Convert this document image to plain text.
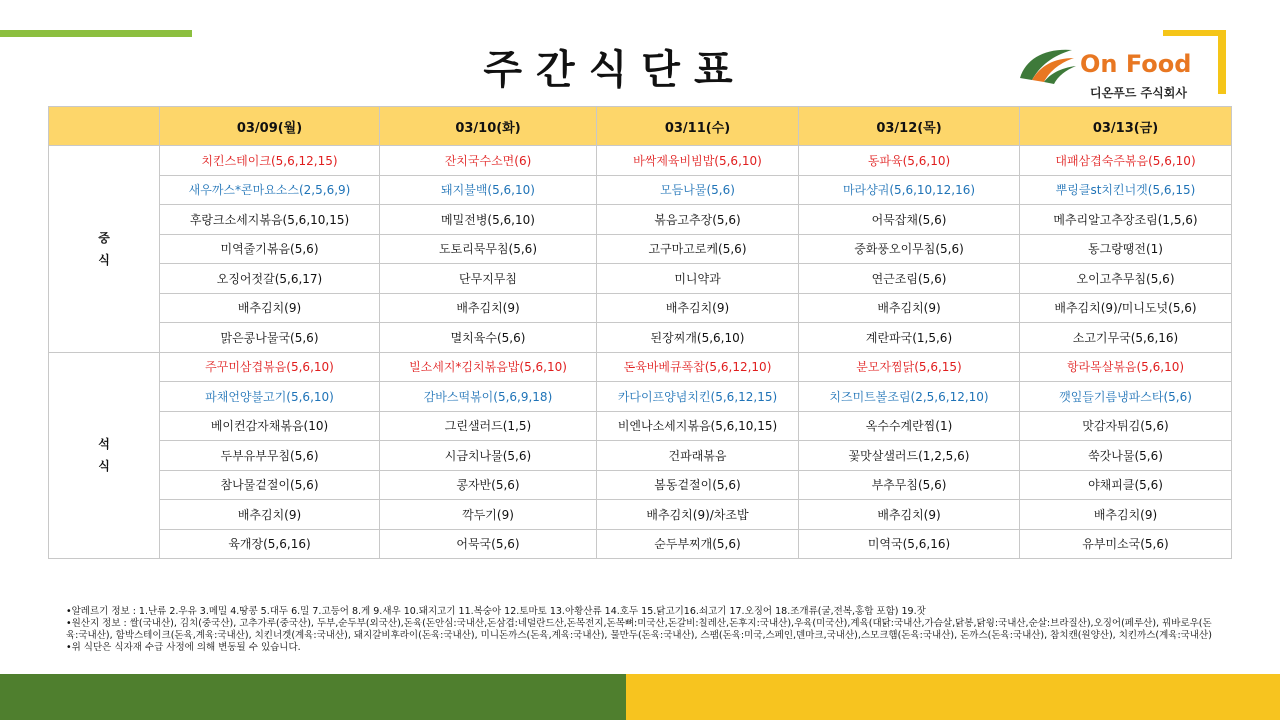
주간식단표	On Food
디온푸드 주식회사
	03/09(월)	03/10(화)	03/11(수)	03/12(목)	03/13(금)
중식	치킨스테이크(5,6,12,15)	잔치국수소면(6)	바싹제육비빔밥(5,6,10)	동파육(5,6,10)	대패삼겹숙주볶음(5,6,10)
	새우까스*콘마요소스(2,5,6,9)	돼지불백(5,6,10)	모듬나물(5,6)	마라샹궈(5,6,10,12,16)	뿌링클st치킨너겟(5,6,15)
	후랑크소세지볶음(5,6,10,15)	메밀전병(5,6,10)	볶음고추장(5,6)	어묵잡채(5,6)	메추리알고추장조림(1,5,6)
	미역줄기볶음(5,6)	도토리묵무침(5,6)	고구마고로케(5,6)	중화풍오이무침(5,6)	동그랑땡전(1)
	오징어젓갈(5,6,17)	단무지무침	미니약과	연근조림(5,6)	오이고추무침(5,6)
	배추김치(9)	배추김치(9)	배추김치(9)	배추김치(9)	배추김치(9)/미니도넛(5,6)
	맑은콩나물국(5,6)	멸치육수(5,6)	된장찌개(5,6,10)	계란파국(1,5,6)	소고기무국(5,6,16)
석식	주꾸미삼겹볶음(5,6,10)	빌소세지*김치볶음밥(5,6,10)	돈육바베큐폭찹(5,6,12,10)	분모자찜닭(5,6,15)	항라목살볶음(5,6,10)
	파채언양불고기(5,6,10)	감바스떡볶이(5,6,9,18)	카다이프양념치킨(5,6,12,15)	치즈미트볼조림(2,5,6,12,10)	깻잎들기름냉파스타(5,6)
	베이컨감자채볶음(10)	그린샐러드(1,5)	비엔나소세지볶음(5,6,10,15)	옥수수계란찜(1)	맛감자튀김(5,6)
	두부유부무침(5,6)	시금치나물(5,6)	건파래볶음	꽃맛살샐러드(1,2,5,6)	쑥갓나물(5,6)
	참나물겉절이(5,6)	콩자반(5,6)	봄동겉절이(5,6)	부추무침(5,6)	야채피클(5,6)
	배추김치(9)	깍두기(9)	배추김치(9)/차조밥	배추김치(9)	배추김치(9)
	육개장(5,6,16)	어묵국(5,6)	순두부찌개(5,6)	미역국(5,6,16)	유부미소국(5,6)

•알레르기 정보 : 1.난류 2.우유 3.메밀 4.땅콩 5.대두 6.밀 7.고등어 8.게 9.새우 10.돼지고기 11.복숭아 12.토마토 13.아황산류 14.호두 15.닭고기16.쇠고기 17.오징어 18.조개류(굴,전복,홍합 포함) 19.잣

•원산지 정보 : 쌀(국내산), 김치(중국산), 고추가루(중국산), 두부,순두부(외국산),돈육(돈안심:국내산,돈삼겹:네덜란드산,돈목전지,돈목뼈:미국산,돈갈비:칠레산,돈후지:국내산),우육(미국산),계육(대닭:국내산,가슴살,닭봉,닭윙:국내산,순살:브라질산),오징어(페루산), 꿔바로우(돈육:국내산), 함박스테이크(돈육,계육:국내산), 치킨너겟(계육:국내산), 돼지갈비후라이(돈육:국내산), 미니돈까스(돈육,계육:국내산), 물만두(돈육:국내산), 스팸(돈육:미국,스페인,덴마크,국내산),스모크햄(돈육:국내산), 돈까스(돈육:국내산), 참치캔(원양산), 치킨까스(계육:국내산)

•위 식단은 식자재 수급 사정에 의해 변동될 수 있습니다.
